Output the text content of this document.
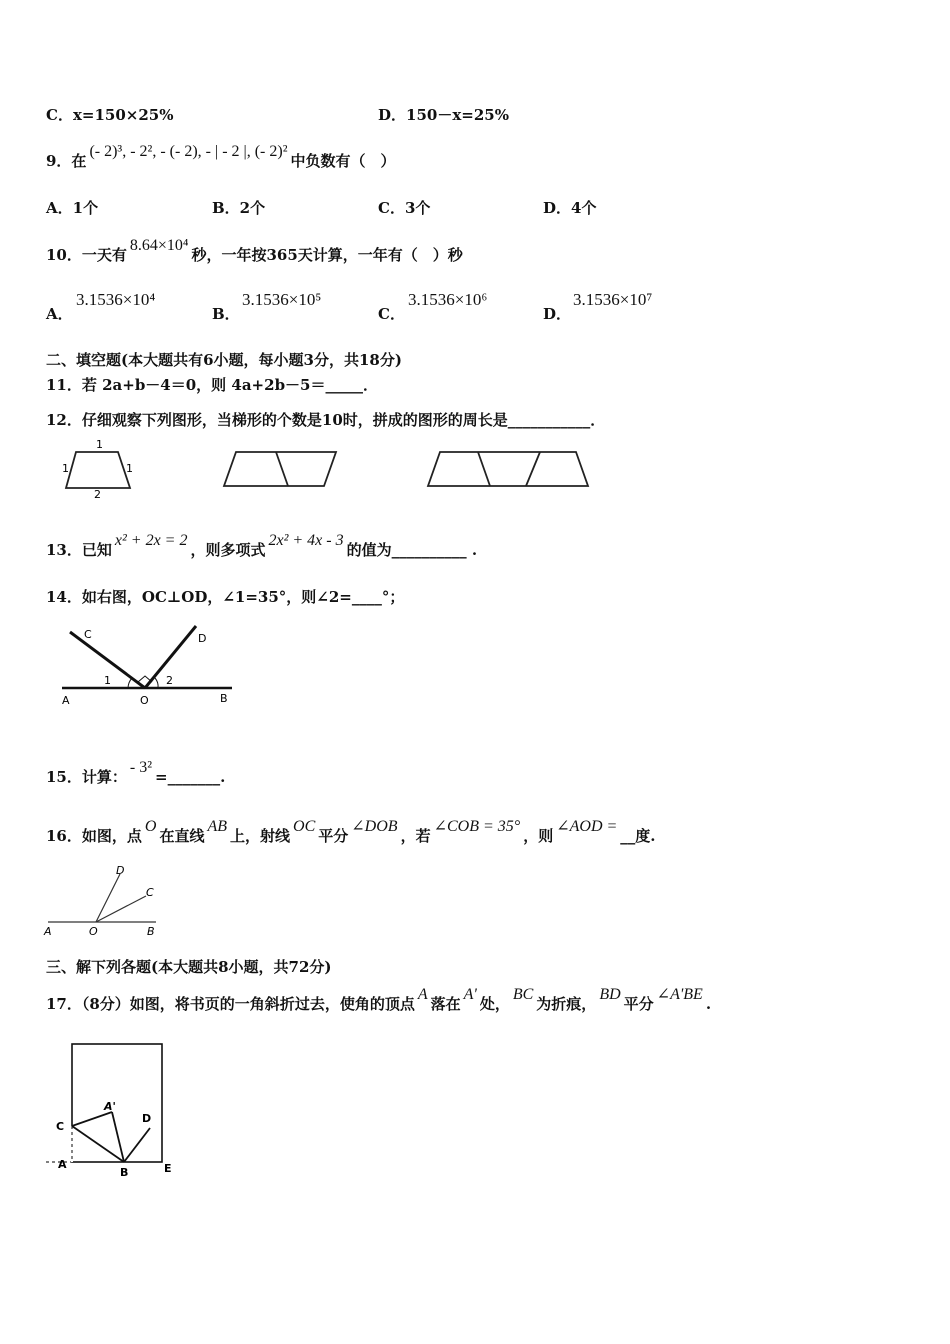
C．x=150×25%	D．150－x=25%
9．在(- 2)³, - 2², - (- 2), - | - 2 |, (- 2)²中负数有（　）
A．1个	B．2个	C．3个	D．4个
10．一天有8.64×10⁴秒，一年按365天计算，一年有（　）秒
A．
3.1536×10⁴
B．
3.1536×10⁵
C．
3.1536×10⁶
D．
3.1536×10⁷
二、填空题(本大题共有6小题，每小题3分，共18分)
11．若 2a+b－4＝0，则 4a+2b－5＝_____．
12．仔细观察下列图形，当梯形的个数是10时，拼成的图形的周长是___________．
1
1	1
2
13．已知x² + 2x = 2，则多项式2x² + 4x - 3的值为__________ .
14．如右图，OC⊥OD，∠1=35°，则∠2=____°；
C	D
A	O	B
1	2
15．计算：- 3²=_______.
16．如图，点O在直线AB上，射线OC平分∠DOB，若∠COB = 35°，则∠AOD =__度.
D
C
A	O	B
三、解下列各题(本大题共8小题，共72分)
17．（8分）如图，将书页的一角斜折过去，使角的顶点A落在A'处，BC为折痕，BD平分∠A'BE.
C
A'
D
A
B	E
